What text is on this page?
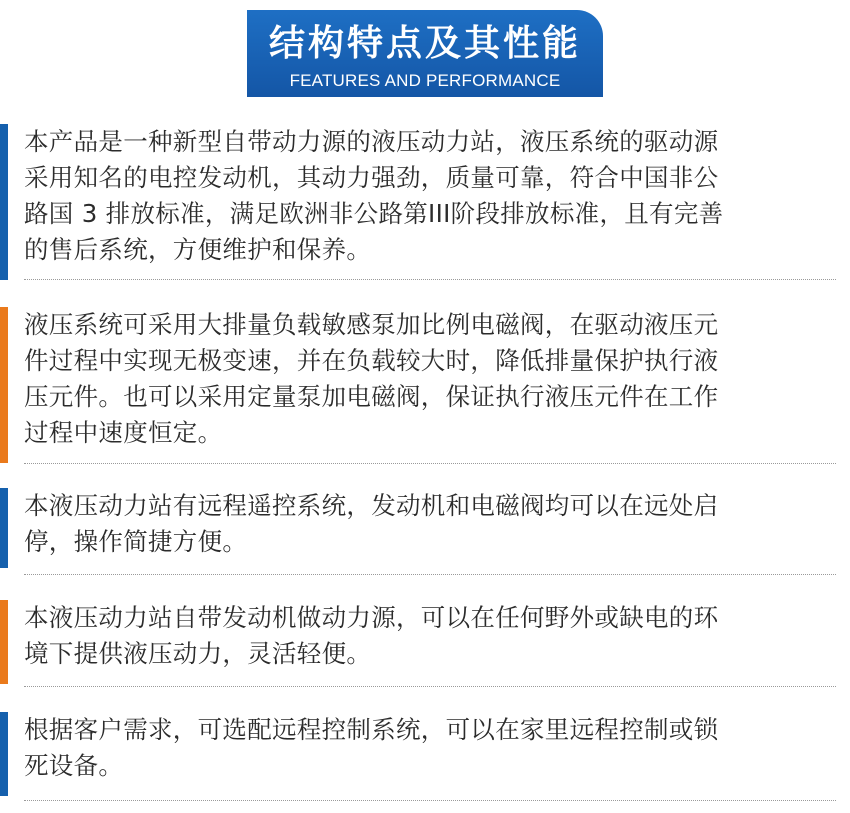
结构特点及其性能
FEATURES AND PERFORMANCE
本产品是一种新型自带动力源的液压动力站，液压系统的驱动源
采用知名的电控发动机，其动力强劲，质量可靠，符合中国非公
路国 3 排放标准，满足欧洲非公路第III阶段排放标准，且有完善
的售后系统，方便维护和保养。
液压系统可采用大排量负载敏感泵加比例电磁阀，在驱动液压元
件过程中实现无极变速，并在负载较大时，降低排量保护执行液
压元件。也可以采用定量泵加电磁阀，保证执行液压元件在工作
过程中速度恒定。
本液压动力站有远程遥控系统，发动机和电磁阀均可以在远处启
停，操作简捷方便。
本液压动力站自带发动机做动力源，可以在任何野外或缺电的环
境下提供液压动力，灵活轻便。
根据客户需求，可选配远程控制系统，可以在家里远程控制或锁
死设备。
